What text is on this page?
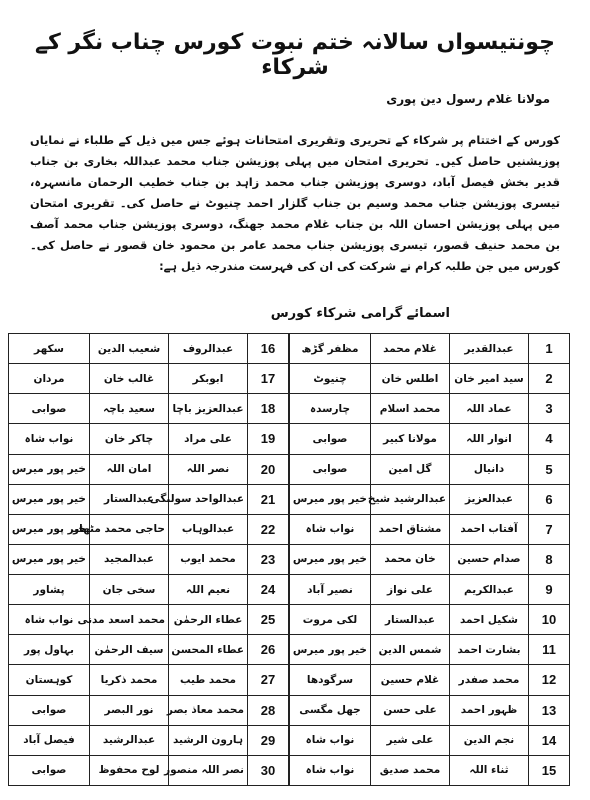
چونتیسواں سالانہ ختم نبوت کورس چناب نگر کے شرکاء
مولانا غلام رسول دین پوری
کورس کے اختتام پر شرکاء کے تحریری وتقریری امتحانات ہوئے جس میں ذیل کے طلباء نے نمایاں پوزیشنیں حاصل کیں۔ تحریری امتحان میں پہلی پوزیشن جناب محمد عبداللہ بخاری بن جناب قدیر بخش فیصل آباد، دوسری پوزیشن جناب محمد زاہد بن جناب خطیب الرحمان مانسہرہ، تیسری پوزیشن جناب محمد وسیم بن جناب گلزار احمد چنیوٹ نے حاصل کی۔ تقریری امتحان میں پہلی پوزیشن احسان اللہ بن جناب غلام محمد جھنگ، دوسری پوزیشن جناب محمد آصف بن محمد حنیف قصور، تیسری پوزیشن جناب محمد عامر بن محمود خان قصور نے حاصل کی۔ کورس میں جن طلبہ کرام نے شرکت کی ان کی فہرست مندرجہ ذیل ہے:
اسمائے گرامی شرکاء کورس
1	عبدالقدیر	غلام محمد	مظفر گڑھ
2	سید امیر خان	اطلس خان	چنیوٹ
3	عماد اللہ	محمد اسلام	چارسدہ
4	انوار اللہ	مولانا کبیر	صوابی
5	دانیال	گل امین	صوابی
6	عبدالعزیز	عبدالرشید شیخ	خیر پور میرس
7	آفتاب احمد	مشتاق احمد	نواب شاہ
8	صدام حسین	خان محمد	خیر پور میرس
9	عبدالکریم	علی نواز	نصیر آباد
10	شکیل احمد	عبدالستار	لکی مروت
11	بشارت احمد	شمس الدین	خیر پور میرس
12	محمد صفدر	غلام حسین	سرگودھا
13	ظہور احمد	علی حسن	جھل مگسی
14	نجم الدین	علی شیر	نواب شاہ
15	ثناء اللہ	محمد صدیق	نواب شاہ
16	عبدالروف	شعیب الدین	سکھر
17	ابوبکر	غالب خان	مردان
18	عبدالعزیز باچا	سعید باچہ	صوابی
19	علی مراد	چاکر خان	نواب شاہ
20	نصر اللہ	امان اللہ	خیر پور میرس
21	عبدالواحد سولنگی	عبدالستار	خیر پور میرس
22	عبدالوہاب	حاجی محمد مٹھار	خیر پور میرس
23	محمد ایوب	عبدالمجید	خیر پور میرس
24	نعیم اللہ	سخی جان	پشاور
25	عطاء الرحمٰن	محمد اسعد مدنی	نواب شاہ
26	عطاء المحسن	سیف الرحمٰن	بہاول پور
27	محمد طیب	محمد ذکریا	کوہستان
28	محمد معاذ بصر	نور البصر	صوابی
29	ہارون الرشید	عبدالرشید	فیصل آباد
30	نصر اللہ منصور	لوح محفوظ	صوابی
